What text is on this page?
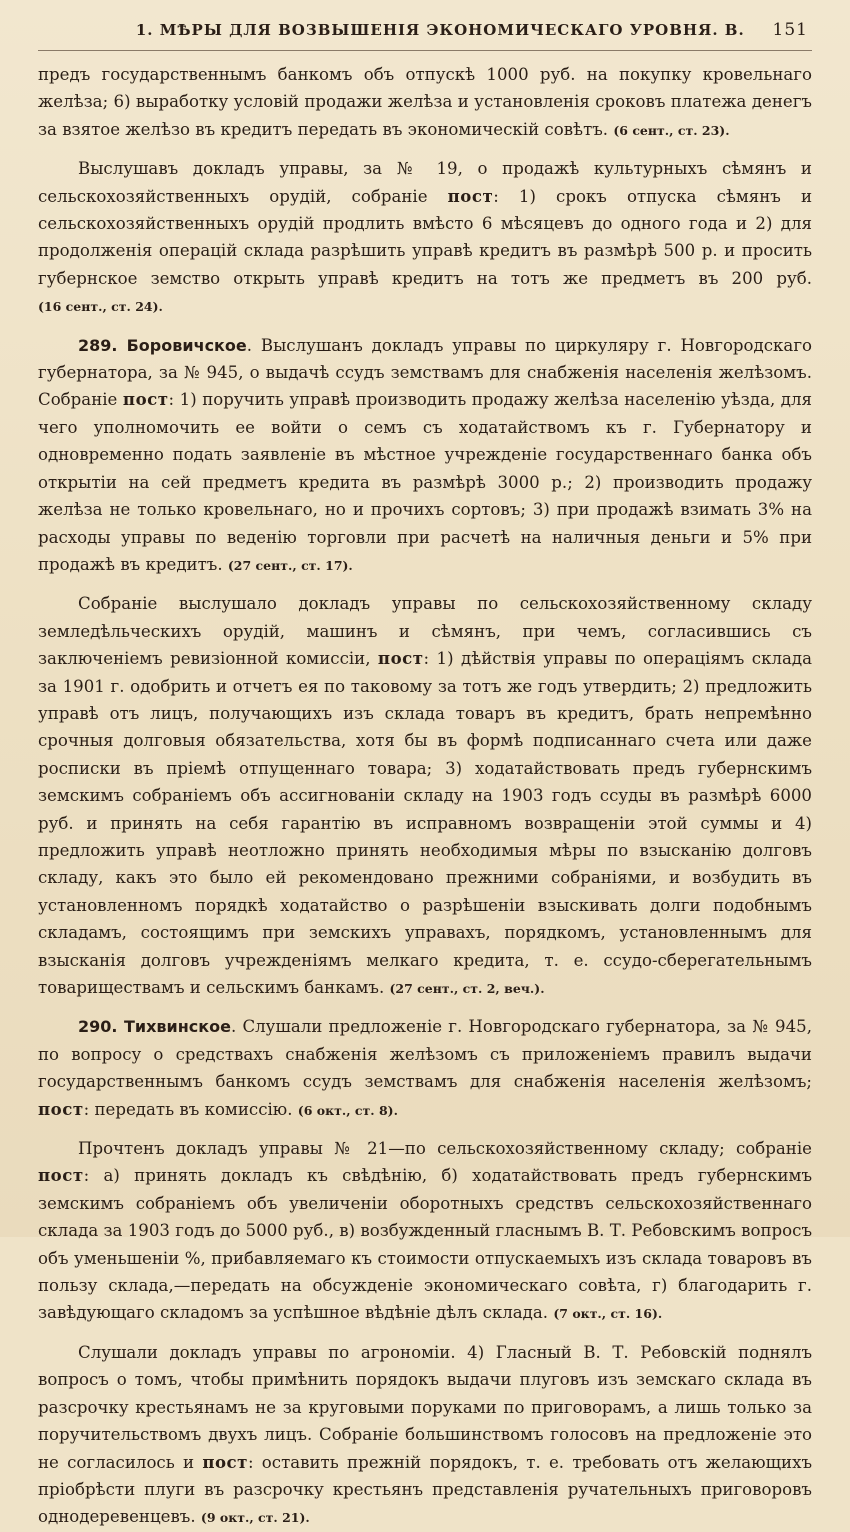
1. МѢРЫ ДЛЯ ВОЗВЫШЕНІЯ ЭКОНОМИЧЕСКАГО УРОВНЯ. В.	151

предъ государственнымъ банкомъ объ отпускѣ 1000 руб. на покупку кровельнаго желѣза; 6) выработку условій продажи желѣза и установленія сроковъ платежа денегъ за взятое желѣзо въ кредитъ передать въ экономическій совѣтъ. (6 сент., ст. 23).

Выслушавъ докладъ управы, за № 19, о продажѣ культурныхъ сѣмянъ и сельскохозяйственныхъ орудій, собраніе пост: 1) срокъ отпуска сѣмянъ и сельскохозяйственныхъ орудій продлить вмѣсто 6 мѣсяцевъ до одного года и 2) для продолженія операцій склада разрѣшить управѣ кредитъ въ размѣрѣ 500 р. и просить губернское земство открыть управѣ кредитъ на тотъ же предметъ въ 200 руб. (16 сент., ст. 24).

289. Боровичское. Выслушанъ докладъ управы по циркуляру г. Новгородскаго губернатора, за № 945, о выдачѣ ссудъ земствамъ для снабженія населенія желѣзомъ. Собраніе пост: 1) поручить управѣ производить продажу желѣза населенію уѣзда, для чего уполномочить ее войти о семъ съ ходатайствомъ къ г. Губернатору и одновременно подать заявленіе въ мѣстное учрежденіе государственнаго банка объ открытіи на сей предметъ кредита въ размѣрѣ 3000 р.; 2) производить продажу желѣза не только кровельнаго, но и прочихъ сортовъ; 3) при продажѣ взимать 3% на расходы управы по веденію торговли при расчетѣ на наличныя деньги и 5% при продажѣ въ кредитъ. (27 сент., ст. 17).

Собраніе выслушало докладъ управы по сельскохозяйственному складу земледѣльческихъ орудій, машинъ и сѣмянъ, при чемъ, согласившись съ заключеніемъ ревизіонной комиссіи, пост: 1) дѣйствія управы по операціямъ склада за 1901 г. одобрить и отчетъ ея по таковому за тотъ же годъ утвердить; 2) предложить управѣ отъ лицъ, получающихъ изъ склада товаръ въ кредитъ, брать непремѣнно срочныя долговыя обязательства, хотя бы въ формѣ подписаннаго счета или даже росписки въ пріемѣ отпущеннаго товара; 3) ходатайствовать предъ губернскимъ земскимъ собраніемъ объ ассигнованіи складу на 1903 годъ ссуды въ размѣрѣ 6000 руб. и принять на себя гарантію въ исправномъ возвращеніи этой суммы и 4) предложить управѣ неотложно принять необходимыя мѣры по взысканію долговъ складу, какъ это было ей рекомендовано прежними собраніями, и возбудить въ установленномъ порядкѣ ходатайство о разрѣшеніи взыскивать долги подобнымъ складамъ, состоящимъ при земскихъ управахъ, порядкомъ, установленнымъ для взысканія долговъ учрежденіямъ мелкаго кредита, т. е. ссудо-сберегательнымъ товариществамъ и сельскимъ банкамъ. (27 сент., ст. 2, веч.).

290. Тихвинское. Слушали предложеніе г. Новгородскаго губернатора, за № 945, по вопросу о средствахъ снабженія желѣзомъ съ приложеніемъ правилъ выдачи государственнымъ банкомъ ссудъ земствамъ для снабженія населенія желѣзомъ; пост: передать въ комиссію. (6 окт., ст. 8).

Прочтенъ докладъ управы № 21—по сельскохозяйственному складу; собраніе пост: а) принять докладъ къ свѣдѣнію, б) ходатайствовать предъ губернскимъ земскимъ собраніемъ объ увеличеніи оборотныхъ средствъ сельскохозяйственнаго склада за 1903 годъ до 5000 руб., в) возбужденный гласнымъ В. Т. Ребовскимъ вопросъ объ уменьшеніи %, прибавляемаго къ стоимости отпускаемыхъ изъ склада товаровъ въ пользу склада,—передать на обсужденіе экономическаго совѣта, г) благодарить г. завѣдующаго складомъ за успѣшное вѣдѣніе дѣлъ склада. (7 окт., ст. 16).

Слушали докладъ управы по агрономіи. 4) Гласный В. Т. Ребовскій поднялъ вопросъ о томъ, чтобы примѣнить порядокъ выдачи плуговъ изъ земскаго склада въ разсрочку крестьянамъ не за круговыми поруками по приговорамъ, а лишь только за поручительствомъ двухъ лицъ. Собраніе большинствомъ голосовъ на предложеніе это не согласилось и пост: оставить прежній порядокъ, т. е. требовать отъ желающихъ пріобрѣсти плуги въ разсрочку крестьянъ представленія ручательныхъ приговоровъ однодеревенцевъ. (9 окт., ст. 21).
